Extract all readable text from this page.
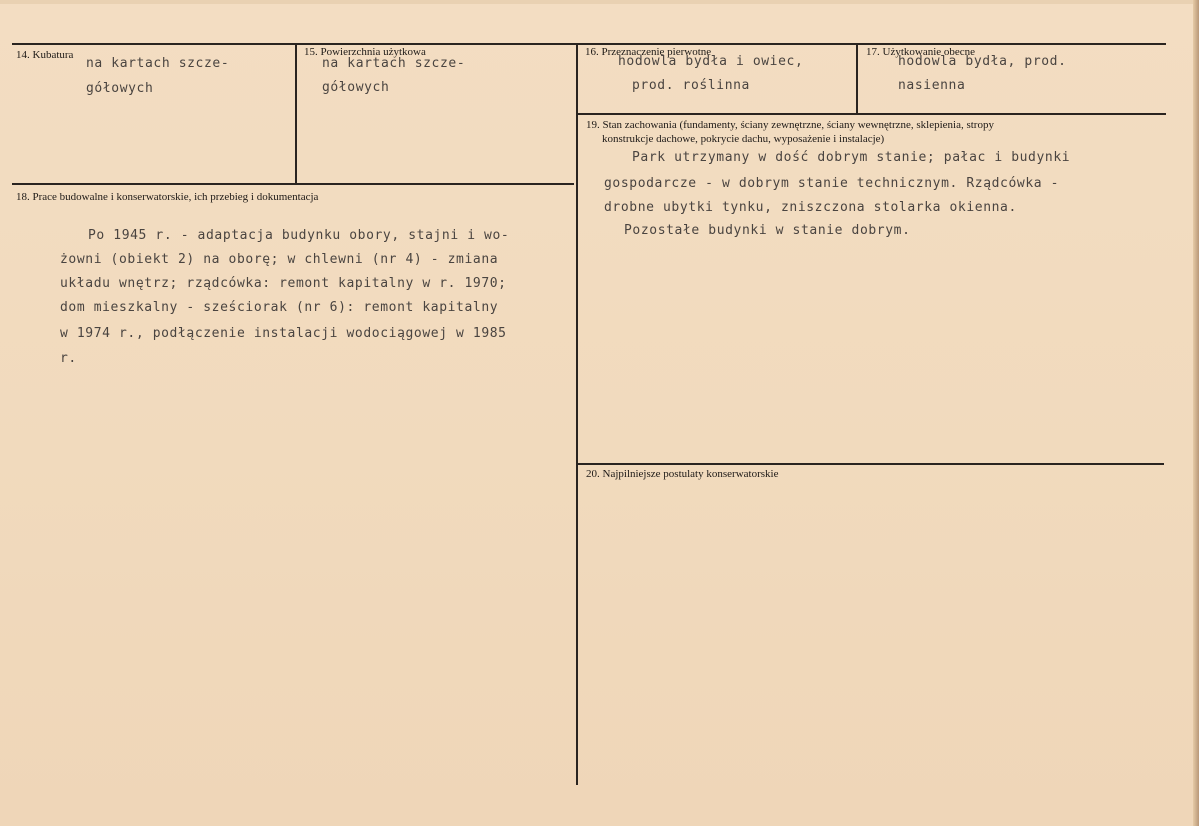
14. Kubatura
na kartach szcze-
gółowych
15. Powierzchnia użytkowa
na kartach szcze-
gółowych
16. Przeznaczenie pierwotne
hodowla bydła i owiec,
prod. roślinna
17. Użytkowanie obecne
hodowla bydła, prod.
nasienna
18. Prace budowalne i konserwatorskie, ich przebieg i dokumentacja
Po 1945 r. - adaptacja budynku obory, stajni i wo-
żowni (obiekt 2) na oborę; w chlewni (nr 4) - zmiana
układu wnętrz; rządcówka: remont kapitalny w r. 1970;
dom mieszkalny - sześciorak (nr 6): remont kapitalny
w 1974 r., podłączenie instalacji wodociągowej w 1985
r.
19. Stan zachowania (fundamenty, ściany zewnętrzne, ściany wewnętrzne, sklepienia, stropy
konstrukcje dachowe, pokrycie dachu, wyposażenie i instalacje)
Park utrzymany w dość dobrym stanie; pałac i budynki
gospodarcze - w dobrym stanie technicznym. Rządcówka -
drobne ubytki tynku, zniszczona stolarka okienna.
Pozostałe budynki w stanie dobrym.
20. Najpilniejsze postulaty konserwatorskie
